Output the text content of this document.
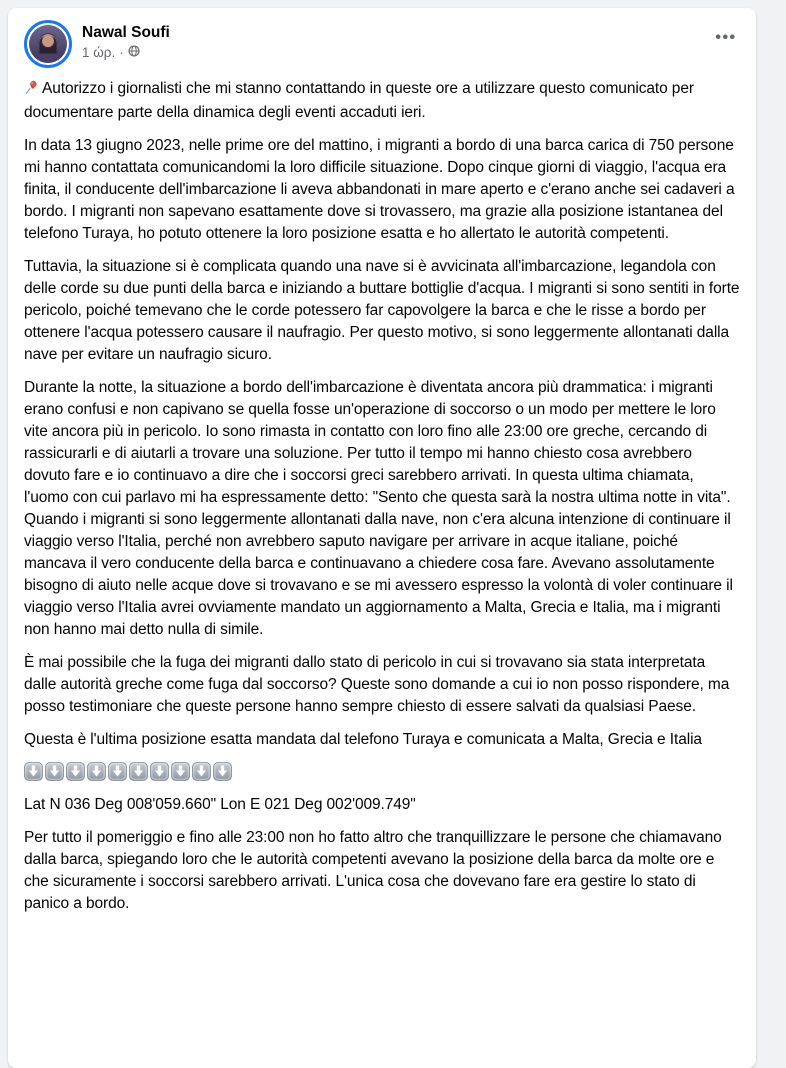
Nawal Soufi
1 ώρ. ·
•••

Autorizzo i giornalisti che mi stanno contattando in queste ore a utilizzare questo comunicato per documentare parte della dinamica degli eventi accaduti ieri.

In data 13 giugno 2023, nelle prime ore del mattino, i migranti a bordo di una barca carica di 750 persone mi hanno contattata comunicandomi la loro difficile situazione. Dopo cinque giorni di viaggio, l'acqua era finita, il conducente dell'imbarcazione li aveva abbandonati in mare aperto e c'erano anche sei cadaveri a bordo. I migranti non sapevano esattamente dove si trovassero, ma grazie alla posizione istantanea del telefono Turaya, ho potuto ottenere la loro posizione esatta e ho allertato le autorità competenti.

Tuttavia, la situazione si è complicata quando una nave si è avvicinata all'imbarcazione, legandola con delle corde su due punti della barca e iniziando a buttare bottiglie d'acqua. I migranti si sono sentiti in forte pericolo, poiché temevano che le corde potessero far capovolgere la barca e che le risse a bordo per ottenere l'acqua potessero causare il naufragio. Per questo motivo, si sono leggermente allontanati dalla nave per evitare un naufragio sicuro.

Durante la notte, la situazione a bordo dell'imbarcazione è diventata ancora più drammatica: i migranti erano confusi e non capivano se quella fosse un'operazione di soccorso o un modo per mettere le loro vite ancora più in pericolo. Io sono rimasta in contatto con loro fino alle 23:00 ore greche, cercando di rassicurarli e di aiutarli a trovare una soluzione. Per tutto il tempo mi hanno chiesto cosa avrebbero dovuto fare e io continuavo a dire che i soccorsi greci sarebbero arrivati. In questa ultima chiamata, l'uomo con cui parlavo mi ha espressamente detto: "Sento che questa sarà la nostra ultima notte in vita". Quando i migranti si sono leggermente allontanati dalla nave, non c'era alcuna intenzione di continuare il viaggio verso l'Italia, perché non avrebbero saputo navigare per arrivare in acque italiane, poiché mancava il vero conducente della barca e continuavano a chiedere cosa fare. Avevano assolutamente bisogno di aiuto nelle acque dove si trovavano e se mi avessero espresso la volontà di voler continuare il viaggio verso l'Italia avrei ovviamente mandato un aggiornamento a Malta, Grecia e Italia, ma i migranti non hanno mai detto nulla di simile.

È mai possibile che la fuga dei migranti dallo stato di pericolo in cui si trovavano sia stata interpretata dalle autorità greche come fuga dal soccorso? Queste sono domande a cui io non posso rispondere, ma posso testimoniare che queste persone hanno sempre chiesto di essere salvati da qualsiasi Paese.

Questa è l'ultima posizione esatta mandata dal telefono Turaya e comunicata a Malta, Grecia e Italia

Lat N 036 Deg 008'059.660" Lon E 021 Deg 002'009.749"

Per tutto il pomeriggio e fino alle 23:00 non ho fatto altro che tranquillizzare le persone che chiamavano dalla barca, spiegando loro che le autorità competenti avevano la posizione della barca da molte ore e che sicuramente i soccorsi sarebbero arrivati. L'unica cosa che dovevano fare era gestire lo stato di panico a bordo.
